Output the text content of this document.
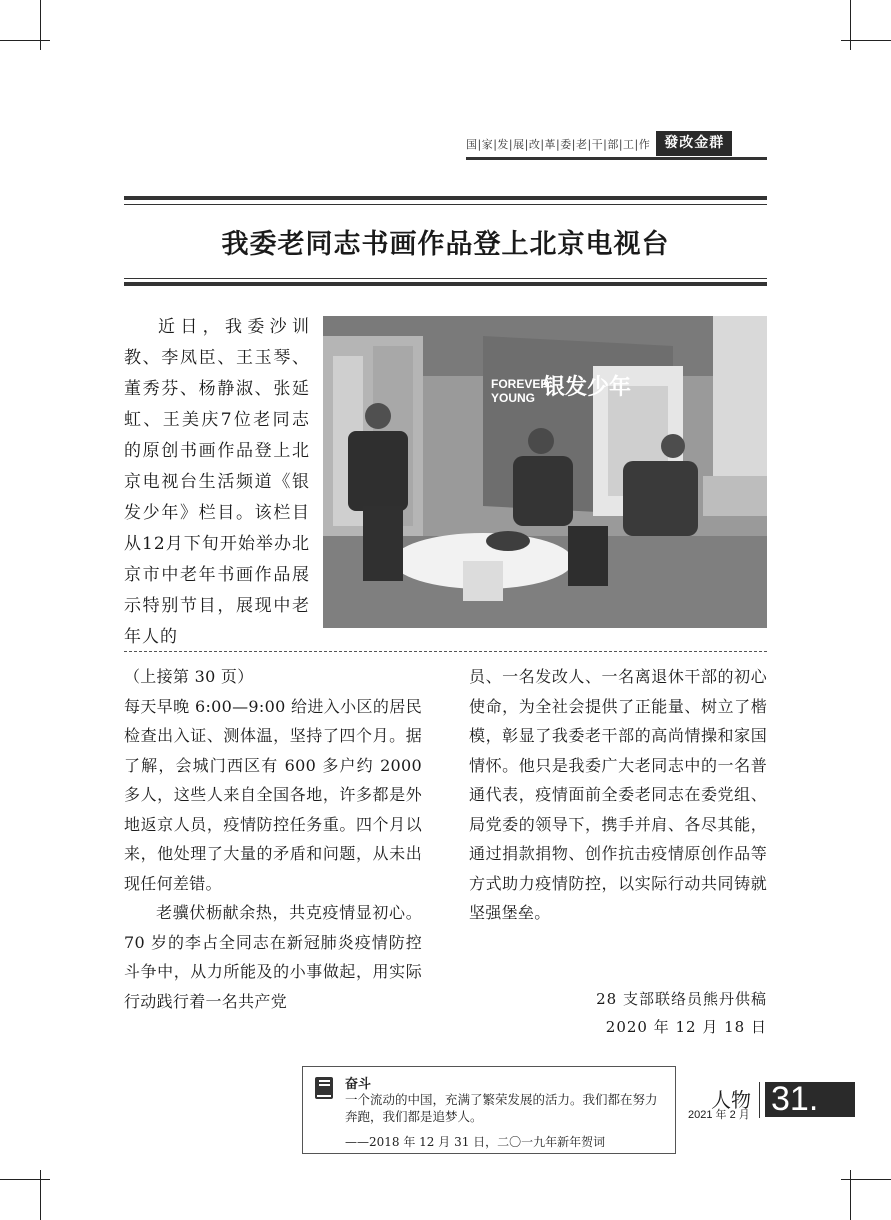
国|家|发|展|改|革|委|老|干|部|工|作	發改金群
我委老同志书画作品登上北京电视台

近日，我委沙训教、李凤臣、王玉琴、董秀芬、杨静淑、张延虹、王美庆7位老同志的原创书画作品登上北京电视台生活频道《银发少年》栏目。该栏目从12月下旬开始举办北京市中老年书画作品展示特别节目，展现中老年人的

银发少年
FOREVER
YOUNG

（上接第 30 页）

每天早晚 6:00—9:00 给进入小区的居民检查出入证、测体温，坚持了四个月。据了解，会城门西区有 600 多户约 2000 多人，这些人来自全国各地，许多都是外地返京人员，疫情防控任务重。四个月以来，他处理了大量的矛盾和问题，从未出现任何差错。

老骥伏枥献余热，共克疫情显初心。70 岁的李占全同志在新冠肺炎疫情防控斗争中，从力所能及的小事做起，用实际行动践行着一名共产党

员、一名发改人、一名离退休干部的初心使命，为全社会提供了正能量、树立了楷模，彰显了我委老干部的高尚情操和家国情怀。他只是我委广大老同志中的一名普通代表，疫情面前全委老同志在委党组、局党委的领导下，携手并肩、各尽其能，通过捐款捐物、创作抗击疫情原创作品等方式助力疫情防控，以实际行动共同铸就坚强堡垒。

28 支部联络员熊丹供稿
2020 年 12 月 18 日
奋斗
一个流动的中国，充满了繁荣发展的活力。我们都在努力奔跑，我们都是追梦人。
——2018 年 12 月 31 日，二〇一九年新年贺词
人物
2021 年 2 月 31.
